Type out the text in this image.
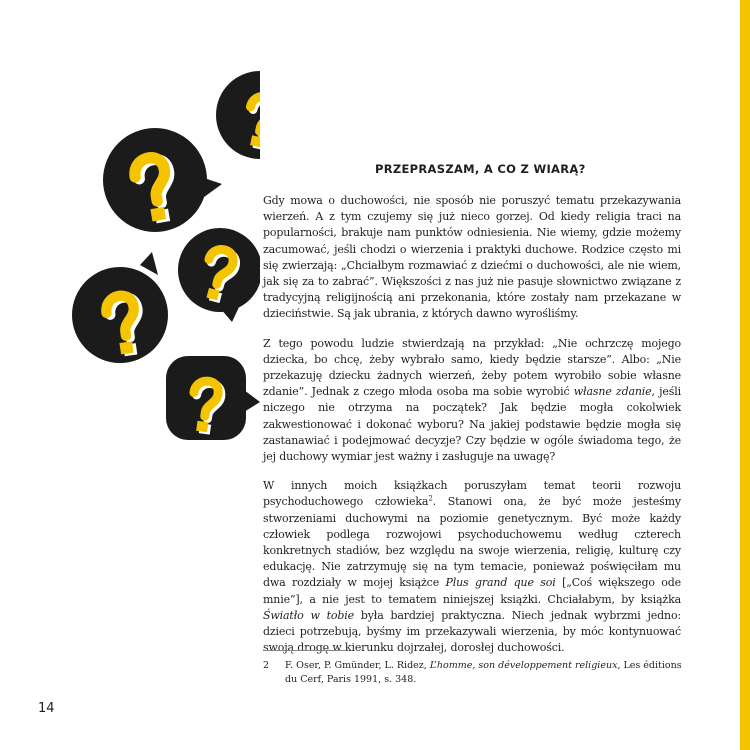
PRZEPRASZAM, A CO Z WIARĄ?

Gdy mowa o duchowości, nie sposób nie poruszyć tematu przekazywania wierzeń. A z tym czujemy się już nieco gorzej. Od kiedy religia traci na popularności, brakuje nam punktów odniesienia. Nie wiemy, gdzie możemy zacumować, jeśli chodzi o wierzenia i praktyki duchowe. Rodzice często mi się zwierzają: „Chciałbym rozmawiać z dziećmi o duchowości, ale nie wiem, jak się za to zabrać”. Większości z nas już nie pasuje słownictwo związane z tradycyjną religijnością ani przekonania, które zostały nam przekazane w dzieciństwie. Są jak ubrania, z których dawno wyrośliśmy.

Z tego powodu ludzie stwierdzają na przykład: „Nie ochrzczę mojego dziecka, bo chcę, żeby wybrało samo, kiedy będzie starsze”. Albo: „Nie przekazuję dziecku żadnych wierzeń, żeby potem wyrobiło sobie własne zdanie”. Jednak z czego młoda osoba ma sobie wyrobić własne zdanie, jeśli niczego nie otrzyma na początek? Jak będzie mogła cokolwiek zakwestionować i dokonać wyboru? Na jakiej podstawie będzie mogła się zastanawiać i podejmować decyzje? Czy będzie w ogóle świadoma tego, że jej duchowy wymiar jest ważny i zasługuje na uwagę?

W innych moich książkach poruszyłam temat teorii rozwoju psychoduchowego człowieka$^2$. Stanowi ona, że być może jesteśmy stworzeniami duchowymi na poziomie genetycznym. Być może każdy człowiek podlega rozwojowi psychoduchowemu według czterech konkretnych stadiów, bez względu na swoje wierzenia, religię, kulturę czy edukację. Nie zatrzymuję się na tym temacie, ponieważ poświęciłam mu dwa rozdziały w mojej książce Plus grand que soi [„Coś większego ode mnie”], a nie jest to tematem niniejszej książki. Chciałabym, by książka Światło w tobie była bardziej praktyczna. Niech jednak wybrzmi jedno: dzieci potrzebują, byśmy im przekazywali wierzenia, by móc kontynuować swoją drogę w kierunku dojrzałej, dorosłej duchowości.

2 F. Oser, P. Gmünder, L. Ridez, L’homme, son développement religieux, Les éditions du Cerf, Paris 1991, s. 348.
14
